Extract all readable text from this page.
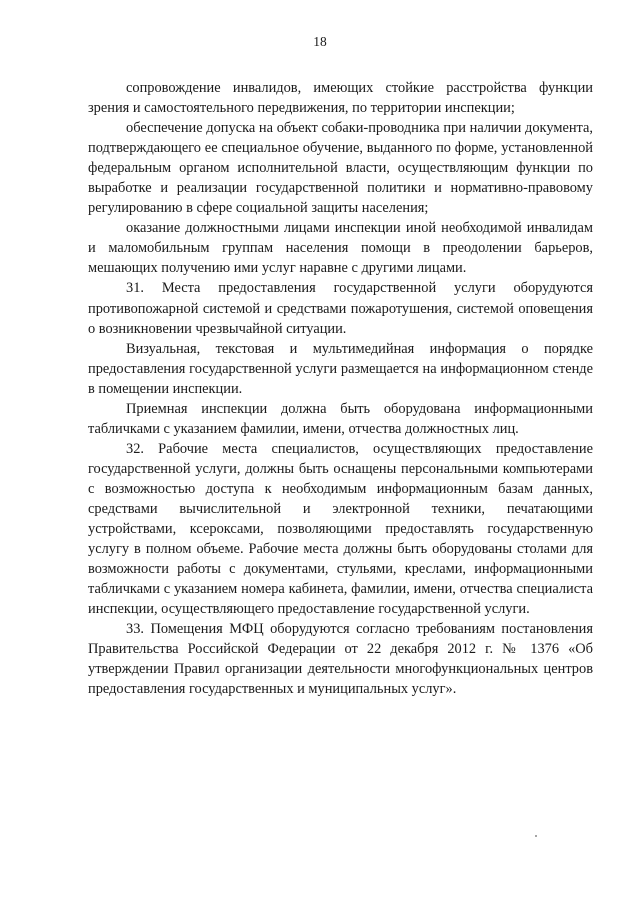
18

сопровождение инвалидов, имеющих стойкие расстройства функции зрения и самостоятельного передвижения, по территории инспекции;

обеспечение допуска на объект собаки-проводника при наличии документа, подтверждающего ее специальное обучение, выданного по форме, установленной федеральным органом исполнительной власти, осуществляющим функции по выработке и реализации государственной политики и нормативно-правовому регулированию в сфере социальной защиты населения;

оказание должностными лицами инспекции иной необходимой инвалидам и маломобильным группам населения помощи в преодолении барьеров, мешающих получению ими услуг наравне с другими лицами.

31. Места предоставления государственной услуги оборудуются противопожарной системой и средствами пожаротушения, системой оповещения о возникновении чрезвычайной ситуации.

Визуальная, текстовая и мультимедийная информация о порядке предоставления государственной услуги размещается на информационном стенде в помещении инспекции.

Приемная инспекции должна быть оборудована информационными табличками с указанием фамилии, имени, отчества должностных лиц.

32. Рабочие места специалистов, осуществляющих предоставление государственной услуги, должны быть оснащены персональными компьютерами с возможностью доступа к необходимым информационным базам данных, средствами вычислительной и электронной техники, печатающими устройствами, ксероксами, позволяющими предоставлять государственную услугу в полном объеме. Рабочие места должны быть оборудованы столами для возможности работы с документами, стульями, креслами, информационными табличками с указанием номера кабинета, фамилии, имени, отчества специалиста инспекции, осуществляющего предоставление государственной услуги.

33. Помещения МФЦ оборудуются согласно требованиям постановления Правительства Российской Федерации от 22 декабря 2012 г. № 1376 «Об утверждении Правил организации деятельности многофункциональных центров предоставления государственных и муниципальных услуг».
